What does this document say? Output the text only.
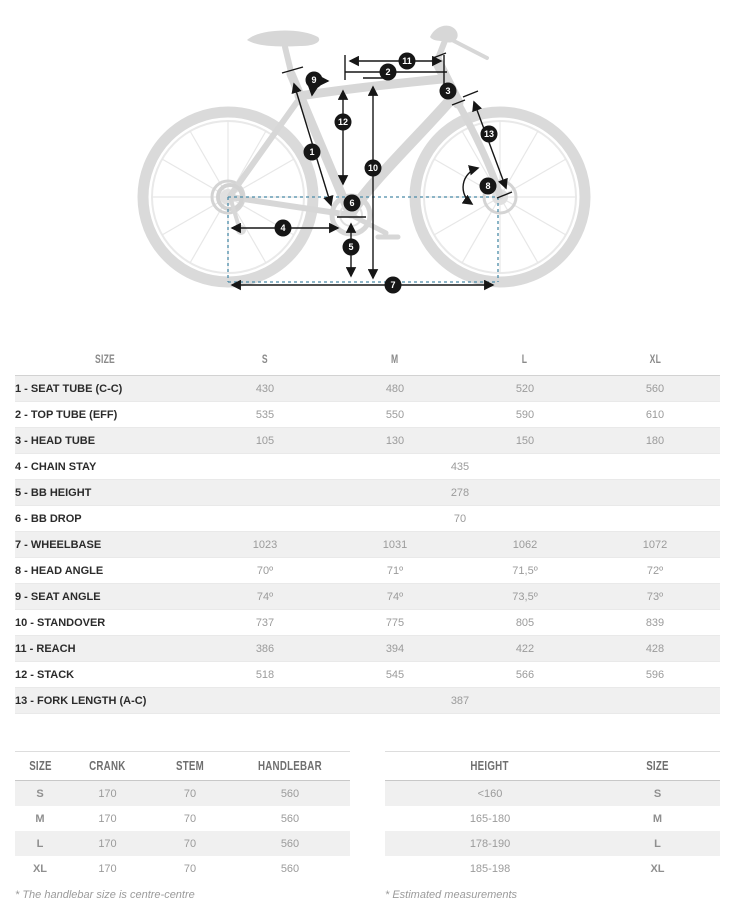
1
2
3
4
5
6
7
8
9
10
11
12
13
SIZE	S	M	L	XL
1 - SEAT TUBE (C-C)	430	480	520	560
2 - TOP TUBE (EFF)	535	550	590	610
3 - HEAD TUBE	105	130	150	180
4 - CHAIN STAY	435			
5 - BB HEIGHT	278			
6 - BB DROP	70			
7 - WHEELBASE	1023	1031	1062	1072
8 - HEAD ANGLE	70º	71º	71,5º	72º
9 - SEAT ANGLE	74º	74º	73,5º	73º
10 - STANDOVER	737	775	805	839
11 - REACH	386	394	422	428
12 - STACK	518	545	566	596
13 - FORK LENGTH (A-C)	387			
SIZE	CRANK	STEM	HANDLEBAR
S	170	70	560
M	170	70	560
L	170	70	560
XL	170	70	560
* The handlebar size is centre-centre
HEIGHT	SIZE
<160	S
165-180	M
178-190	L
185-198	XL
* Estimated measurements
